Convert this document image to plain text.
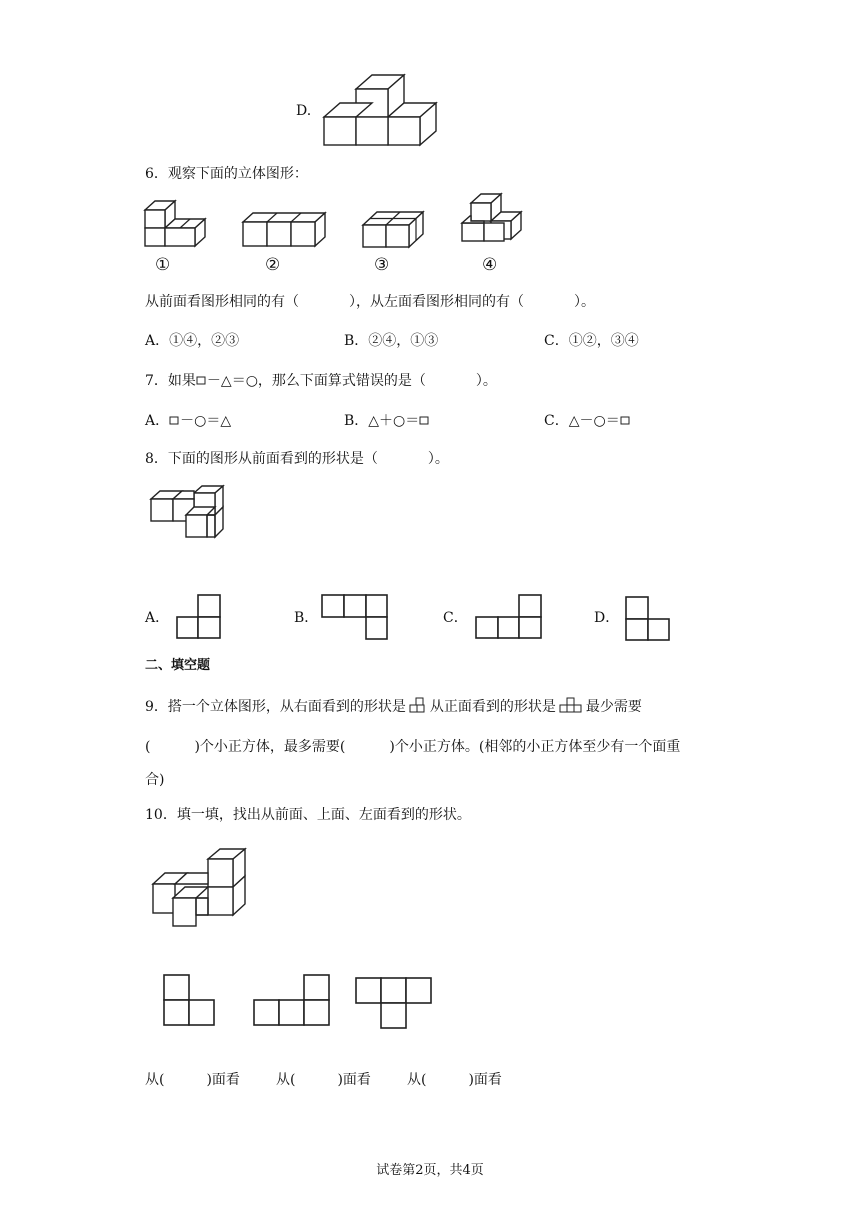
D.
6．观察下面的立体图形：
①	②	③	④
从前面看图形相同的有（	），从左面看图形相同的有（	）。
A．①④，②③	B．②④，①③	C．①②，③④
7．如果 －△＝○，那么下面算式错误的是（	）。
A． －○＝△	B．△＋○＝	C．△－○＝
8．下面的图形从前面看到的形状是（	）。
A．	B．	C．	D．
二、填空题
9．搭一个立体图形，从右面看到的形状是 从正面看到的形状是 最少需要
(	)个小正方体，最多需要(	)个小正方体。(相邻的小正方体至少有一个面重
合)
10．填一填，找出从前面、上面、左面看到的形状。
从(	)面看	从(	)面看	从(	)面看
试卷第2页，共4页
